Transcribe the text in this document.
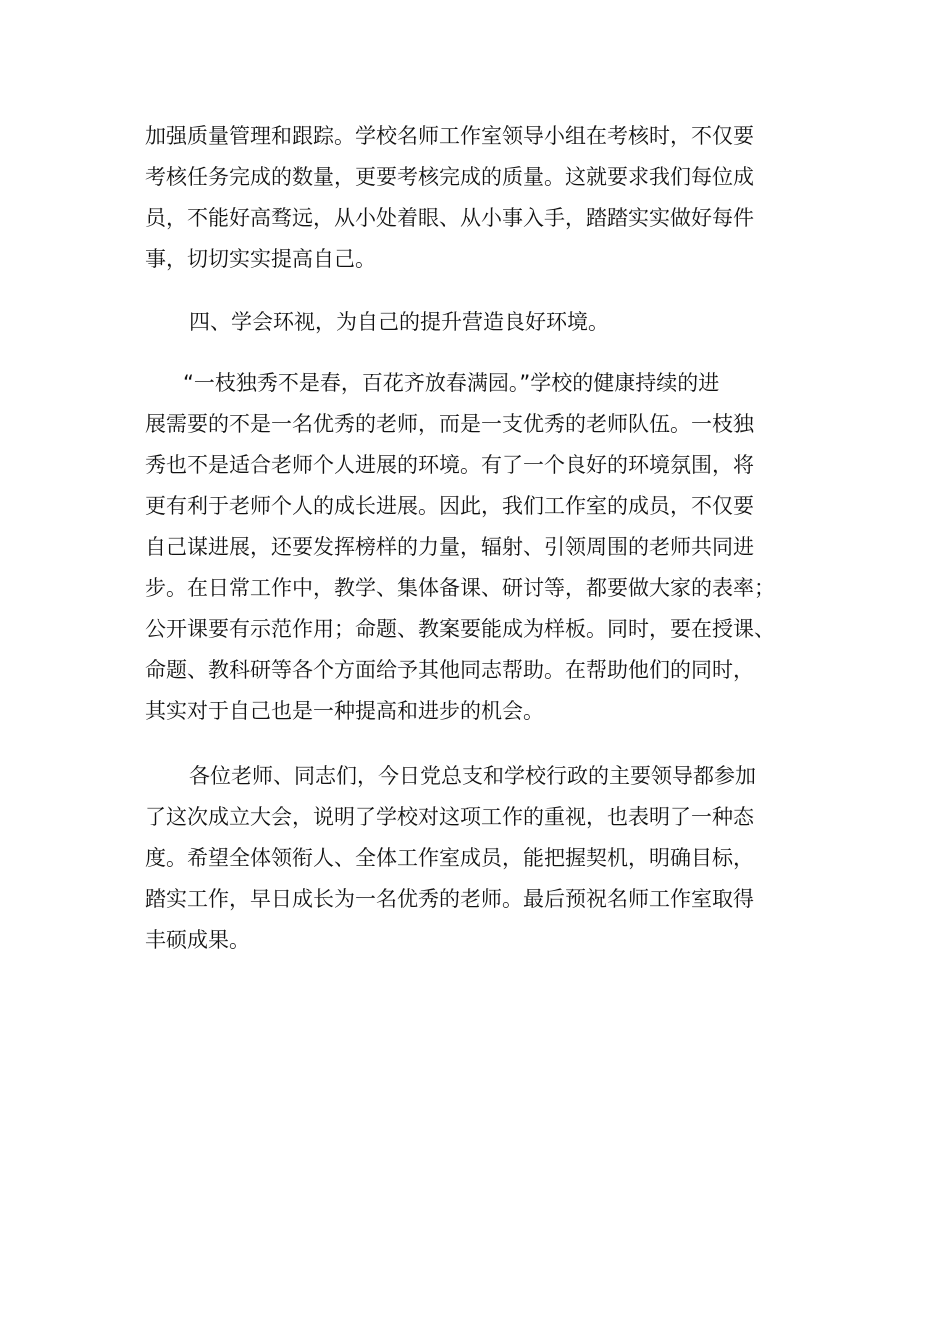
加强质量管理和跟踪。学校名师工作室领导小组在考核时，不仅要
考核任务完成的数量，更要考核完成的质量。这就要求我们每位成
员，不能好高骛远，从小处着眼、从小事入手，踏踏实实做好每件
事，切切实实提高自己。

四、学会环视，为自己的提升营造良好环境。

“一枝独秀不是春，百花齐放春满园。”学校的健康持续的进
展需要的不是一名优秀的老师，而是一支优秀的老师队伍。一枝独
秀也不是适合老师个人进展的环境。有了一个良好的环境氛围，将
更有利于老师个人的成长进展。因此，我们工作室的成员，不仅要
自己谋进展，还要发挥榜样的力量，辐射、引领周围的老师共同进
步。在日常工作中，教学、集体备课、研讨等，都要做大家的表率；
公开课要有示范作用；命题、教案要能成为样板。同时，要在授课、
命题、教科研等各个方面给予其他同志帮助。在帮助他们的同时，
其实对于自己也是一种提高和进步的机会。

各位老师、同志们，今日党总支和学校行政的主要领导都参加
了这次成立大会，说明了学校对这项工作的重视，也表明了一种态
度。希望全体领衔人、全体工作室成员，能把握契机，明确目标，
踏实工作，早日成长为一名优秀的老师。最后预祝名师工作室取得
丰硕成果。
